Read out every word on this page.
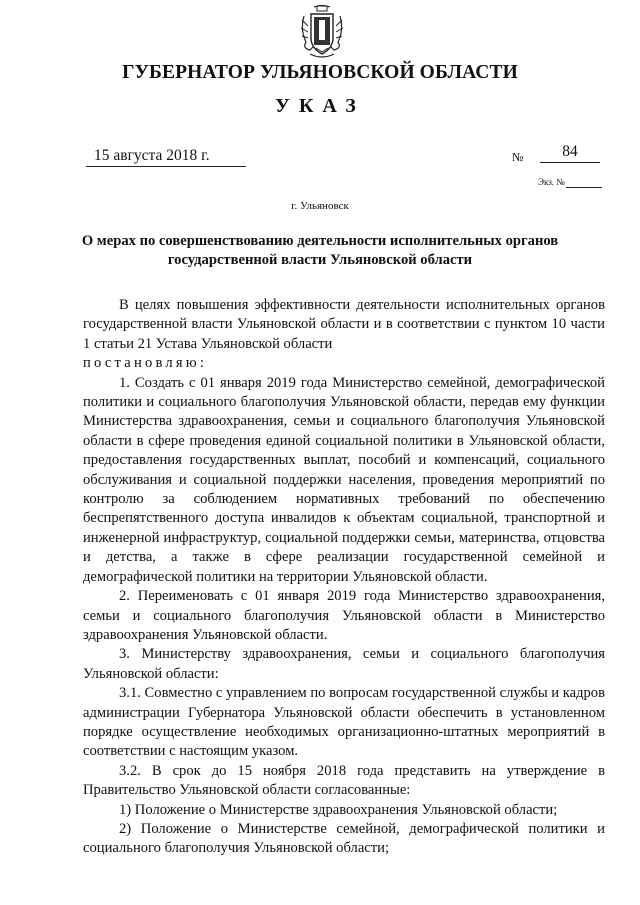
ГУБЕРНАТОР УЛЬЯНОВСКОЙ ОБЛАСТИ
УКАЗ
15 августа 2018 г.	№	84
Экз. №
г. Ульяновск
О мерах по совершенствованию деятельности исполнительных органов
государственной власти Ульяновской области

В целях повышения эффективности деятельности исполнительных органов государственной власти Ульяновской области и в соответствии с пунктом 10 части 1 статьи 21 Устава Ульяновской области

постановляю:

1. Создать с 01 января 2019 года Министерство семейной, демографической политики и социального благополучия Ульяновской области, передав ему функции Министерства здравоохранения, семьи и социального благополучия Ульяновской области в сфере проведения единой социальной политики в Ульяновской области, предоставления государственных выплат, пособий и компенсаций, социального обслуживания и социальной поддержки населения, проведения мероприятий по контролю за соблюдением нормативных требований по обеспечению беспрепятственного доступа инвалидов к объектам социальной, транспортной и инженерной инфраструктур, социальной поддержки семьи, материнства, отцовства и детства, а также в сфере реализации государственной семейной и демографической политики на территории Ульяновской области.

2. Переименовать с 01 января 2019 года Министерство здравоохранения, семьи и социального благополучия Ульяновской области в Министерство здравоохранения Ульяновской области.

3. Министерству здравоохранения, семьи и социального благополучия Ульяновской области:

3.1. Совместно с управлением по вопросам государственной службы и кадров администрации Губернатора Ульяновской области обеспечить в установленном порядке осуществление необходимых организационно-штатных мероприятий в соответствии с настоящим указом.

3.2. В срок до 15 ноября 2018 года представить на утверждение в Правительство Ульяновской области согласованные:

1) Положение о Министерстве здравоохранения Ульяновской области;

2) Положение о Министерстве семейной, демографической политики и социального благополучия Ульяновской области;
